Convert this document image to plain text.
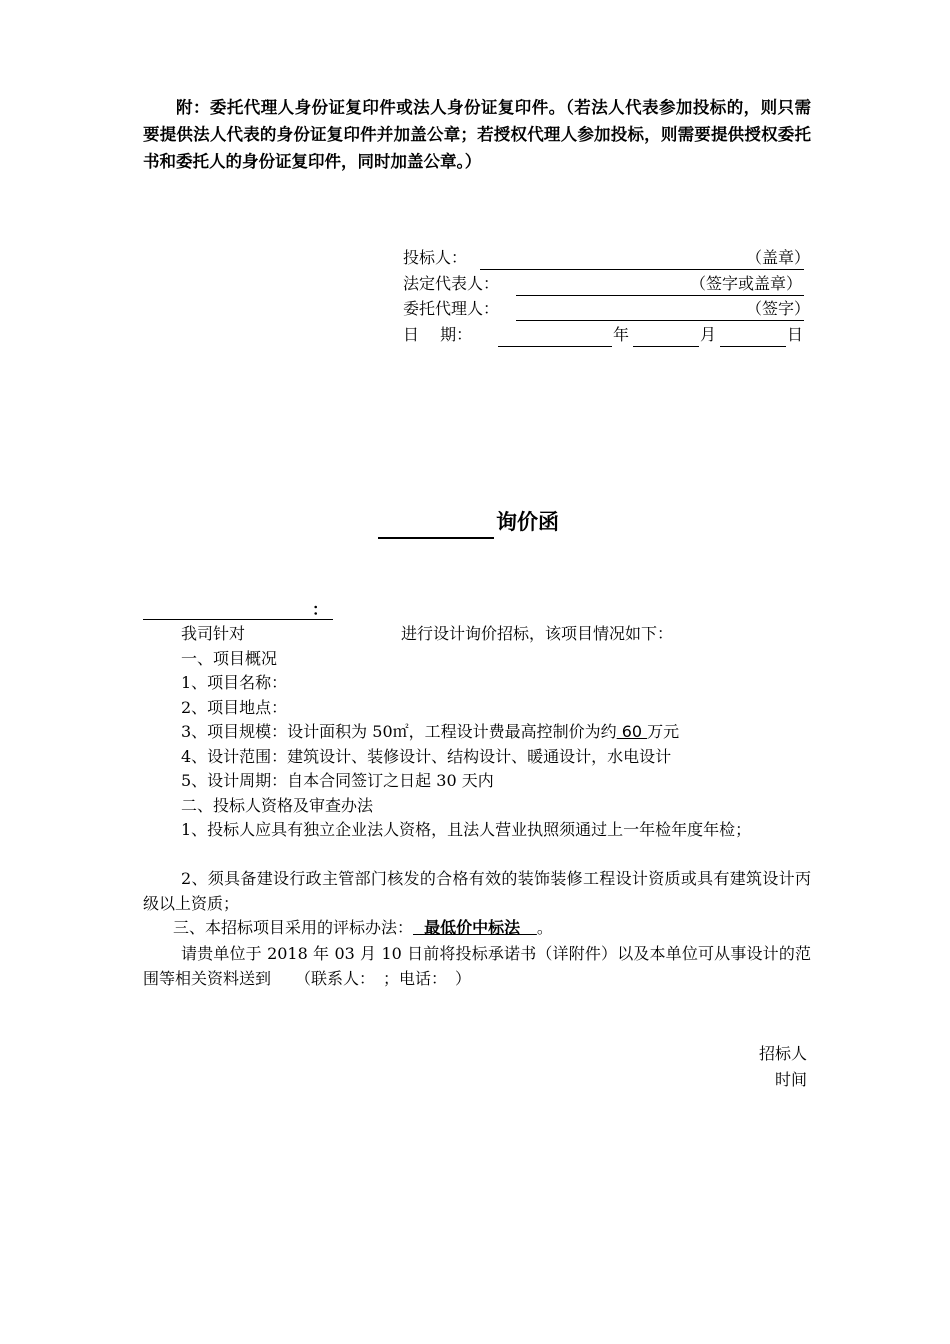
附：委托代理人身份证复印件或法人身份证复印件。（若法人代表参加投标的，则只需要提供法人代表的身份证复印件并加盖公章；若授权代理人参加投标，则需要提供授权委托书和委托人的身份证复印件，同时加盖公章。）
投标人：	（盖章）
法定代表人：	（签字或盖章）
委托代理人：	（签字）
日　 期：	年	月	日
询价函
：
我司针对	进行设计询价招标，该项目情况如下：
一、项目概况
1、项目名称：
2、项目地点：
3、项目规模：设计面积为 50㎡，工程设计费最高控制价为约 60 万元
4、设计范围：建筑设计、装修设计、结构设计、暖通设计，水电设计
5、设计周期：自本合同签订之日起 30 天内
二、投标人资格及审查办法
1、投标人应具有独立企业法人资格，且法人营业执照须通过上一年检年度年检；
2、须具备建设行政主管部门核发的合格有效的装饰装修工程设计资质或具有建筑设计丙级以上资质；
三、本招标项目采用的评标办法：  最低价中标法   。
请贵单位于 2018 年 03 月 10 日前将投标承诺书（详附件）以及本单位可从事设计的范围等相关资料送到　　（联系人：　；电话：　）
招标人
时间
